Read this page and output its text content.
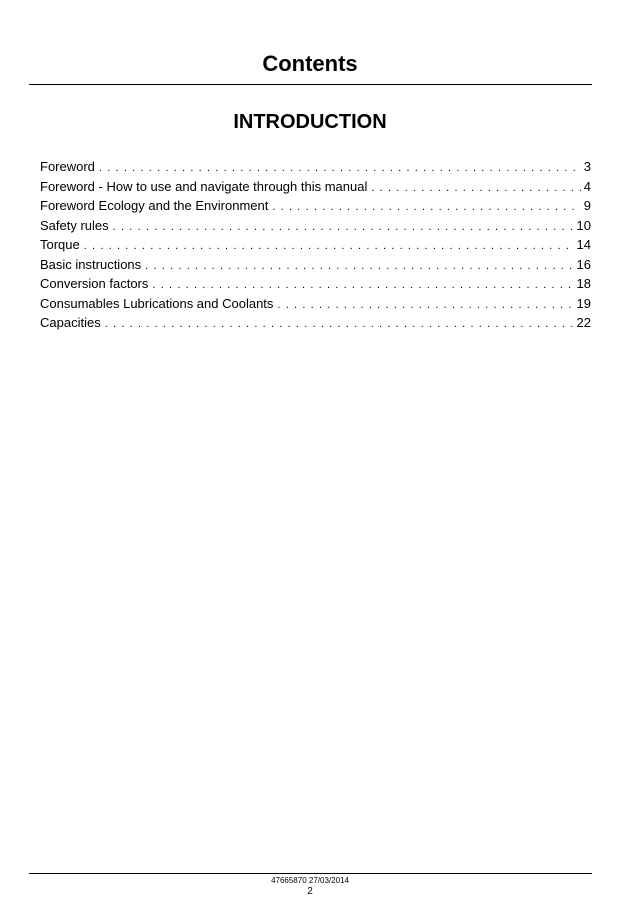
Contents
INTRODUCTION
Foreword . . .	3
Foreword - How to use and navigate through this manual . . .	4
Foreword Ecology and the Environment . . .	9
Safety rules . . .	10
Torque . . .	14
Basic instructions . . .	16
Conversion factors . . .	18
Consumables Lubrications and Coolants . . .	19
Capacities . . .	22
47665870 27/03/2014
2
